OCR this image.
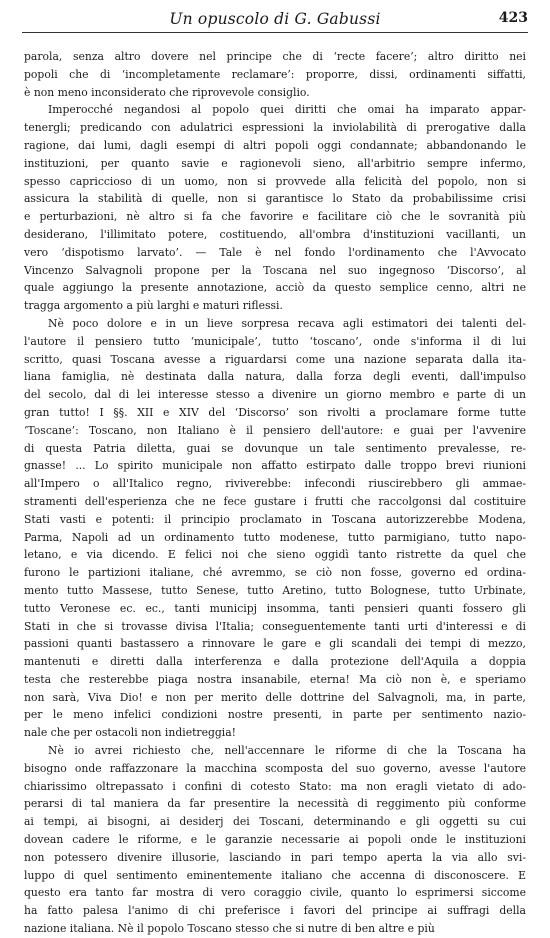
Un opuscolo di G. Gabussi	423
parola, senza altro dovere nel principe che di ‘recte facere’; altro diritto nei
popoli che di ‘incompletamente reclamare’: proporre, dissi, ordinamenti siffatti,
è non meno inconsiderato che riprovevole consiglio.
Imperocché negandosi al popolo quei diritti che omai ha imparato appar-
tenergli; predicando con adulatrici espressioni la inviolabilità di prerogative dalla
ragione, dai lumi, dagli esempi di altri popoli oggi condannate; abbandonando le
instituzioni, per quanto savie e ragionevoli sieno, all'arbitrio sempre infermo,
spesso capriccioso di un uomo, non si provvede alla felicità del popolo, non si
assicura la stabilità di quelle, non si garantisce lo Stato da probabilissime crisi
e perturbazioni, nè altro si fa che favorire e facilitare ciò che le sovranità più
desiderano, l'illimitato potere, costituendo, all'ombra d'instituzioni vacillanti, un
vero ‘dispotismo larvato’. — Tale è nel fondo l'ordinamento che l'Avvocato
Vincenzo Salvagnoli propone per la Toscana nel suo ingegnoso ‘Discorso’, al
quale aggiungo la presente annotazione, acciò da questo semplice cenno, altri ne
tragga argomento a più larghi e maturi riflessi.
Nè poco dolore e in un lieve sorpresa recava agli estimatori dei talenti del-
l'autore il pensiero tutto ‘municipale’, tutto ‘toscano’, onde s'informa il di lui
scritto, quasi Toscana avesse a riguardarsi come una nazione separata dalla ita-
liana famiglia, nè destinata dalla natura, dalla forza degli eventi, dall'impulso
del secolo, dal di lei interesse stesso a divenire un giorno membro e parte di un
gran tutto! I §§. XII e XIV del ‘Discorso’ son rivolti a proclamare forme tutte
‘Toscane’: Toscano, non Italiano è il pensiero dell'autore: e guai per l'avvenire
di questa Patria diletta, guai se dovunque un tale sentimento prevalesse, re-
gnasse! ... Lo spirito municipale non affatto estirpato dalle troppo brevi riunioni
all'Impero o all'Italico regno, riviverebbe: infecondi riuscirebbero gli ammae-
stramenti dell'esperienza che ne fece gustare i frutti che raccolgonsi dal costituire
Stati vasti e potenti: il principio proclamato in Toscana autorizzerebbe Modena,
Parma, Napoli ad un ordinamento tutto modenese, tutto parmigiano, tutto napo-
letano, e via dicendo. E felici noi che sieno oggidì tanto ristrette da quel che
furono le partizioni italiane, ché avremmo, se ciò non fosse, governo ed ordina-
mento tutto Massese, tutto Senese, tutto Aretino, tutto Bolognese, tutto Urbinate,
tutto Veronese ec. ec., tanti municipj insomma, tanti pensieri quanti fossero gli
Stati in che si trovasse divisa l'Italia; conseguentemente tanti urti d'interessi e di
passioni quanti bastassero a rinnovare le gare e gli scandali dei tempi di mezzo,
mantenuti e diretti dalla interferenza e dalla protezione dell'Aquila a doppia
testa che resterebbe piaga nostra insanabile, eterna! Ma ciò non è, e speriamo
non sarà, Viva Dio! e non per merito delle dottrine del Salvagnoli, ma, in parte,
per le meno infelici condizioni nostre presenti, in parte per sentimento nazio-
nale che per ostacoli non indietreggia!
Nè io avrei richiesto che, nell'accennare le riforme di che la Toscana ha
bisogno onde raffazzonare la macchina scomposta del suo governo, avesse l'autore
chiarissimo oltrepassato i confini di cotesto Stato: ma non eragli vietato di ado-
perarsi di tal maniera da far presentire la necessità di reggimento più conforme
ai tempi, ai bisogni, ai desiderj dei Toscani, determinando e gli oggetti su cui
dovean cadere le riforme, e le garanzie necessarie ai popoli onde le instituzioni
non potessero divenire illusorie, lasciando in pari tempo aperta la via allo svi-
luppo di quel sentimento eminentemente italiano che accenna di disconoscere. E
questo era tanto far mostra di vero coraggio civile, quanto lo esprimersi siccome
ha fatto palesa l'animo di chi preferisce i favori del principe ai suffragi della
nazione italiana. Nè il popolo Toscano stesso che si nutre di ben altre e più
